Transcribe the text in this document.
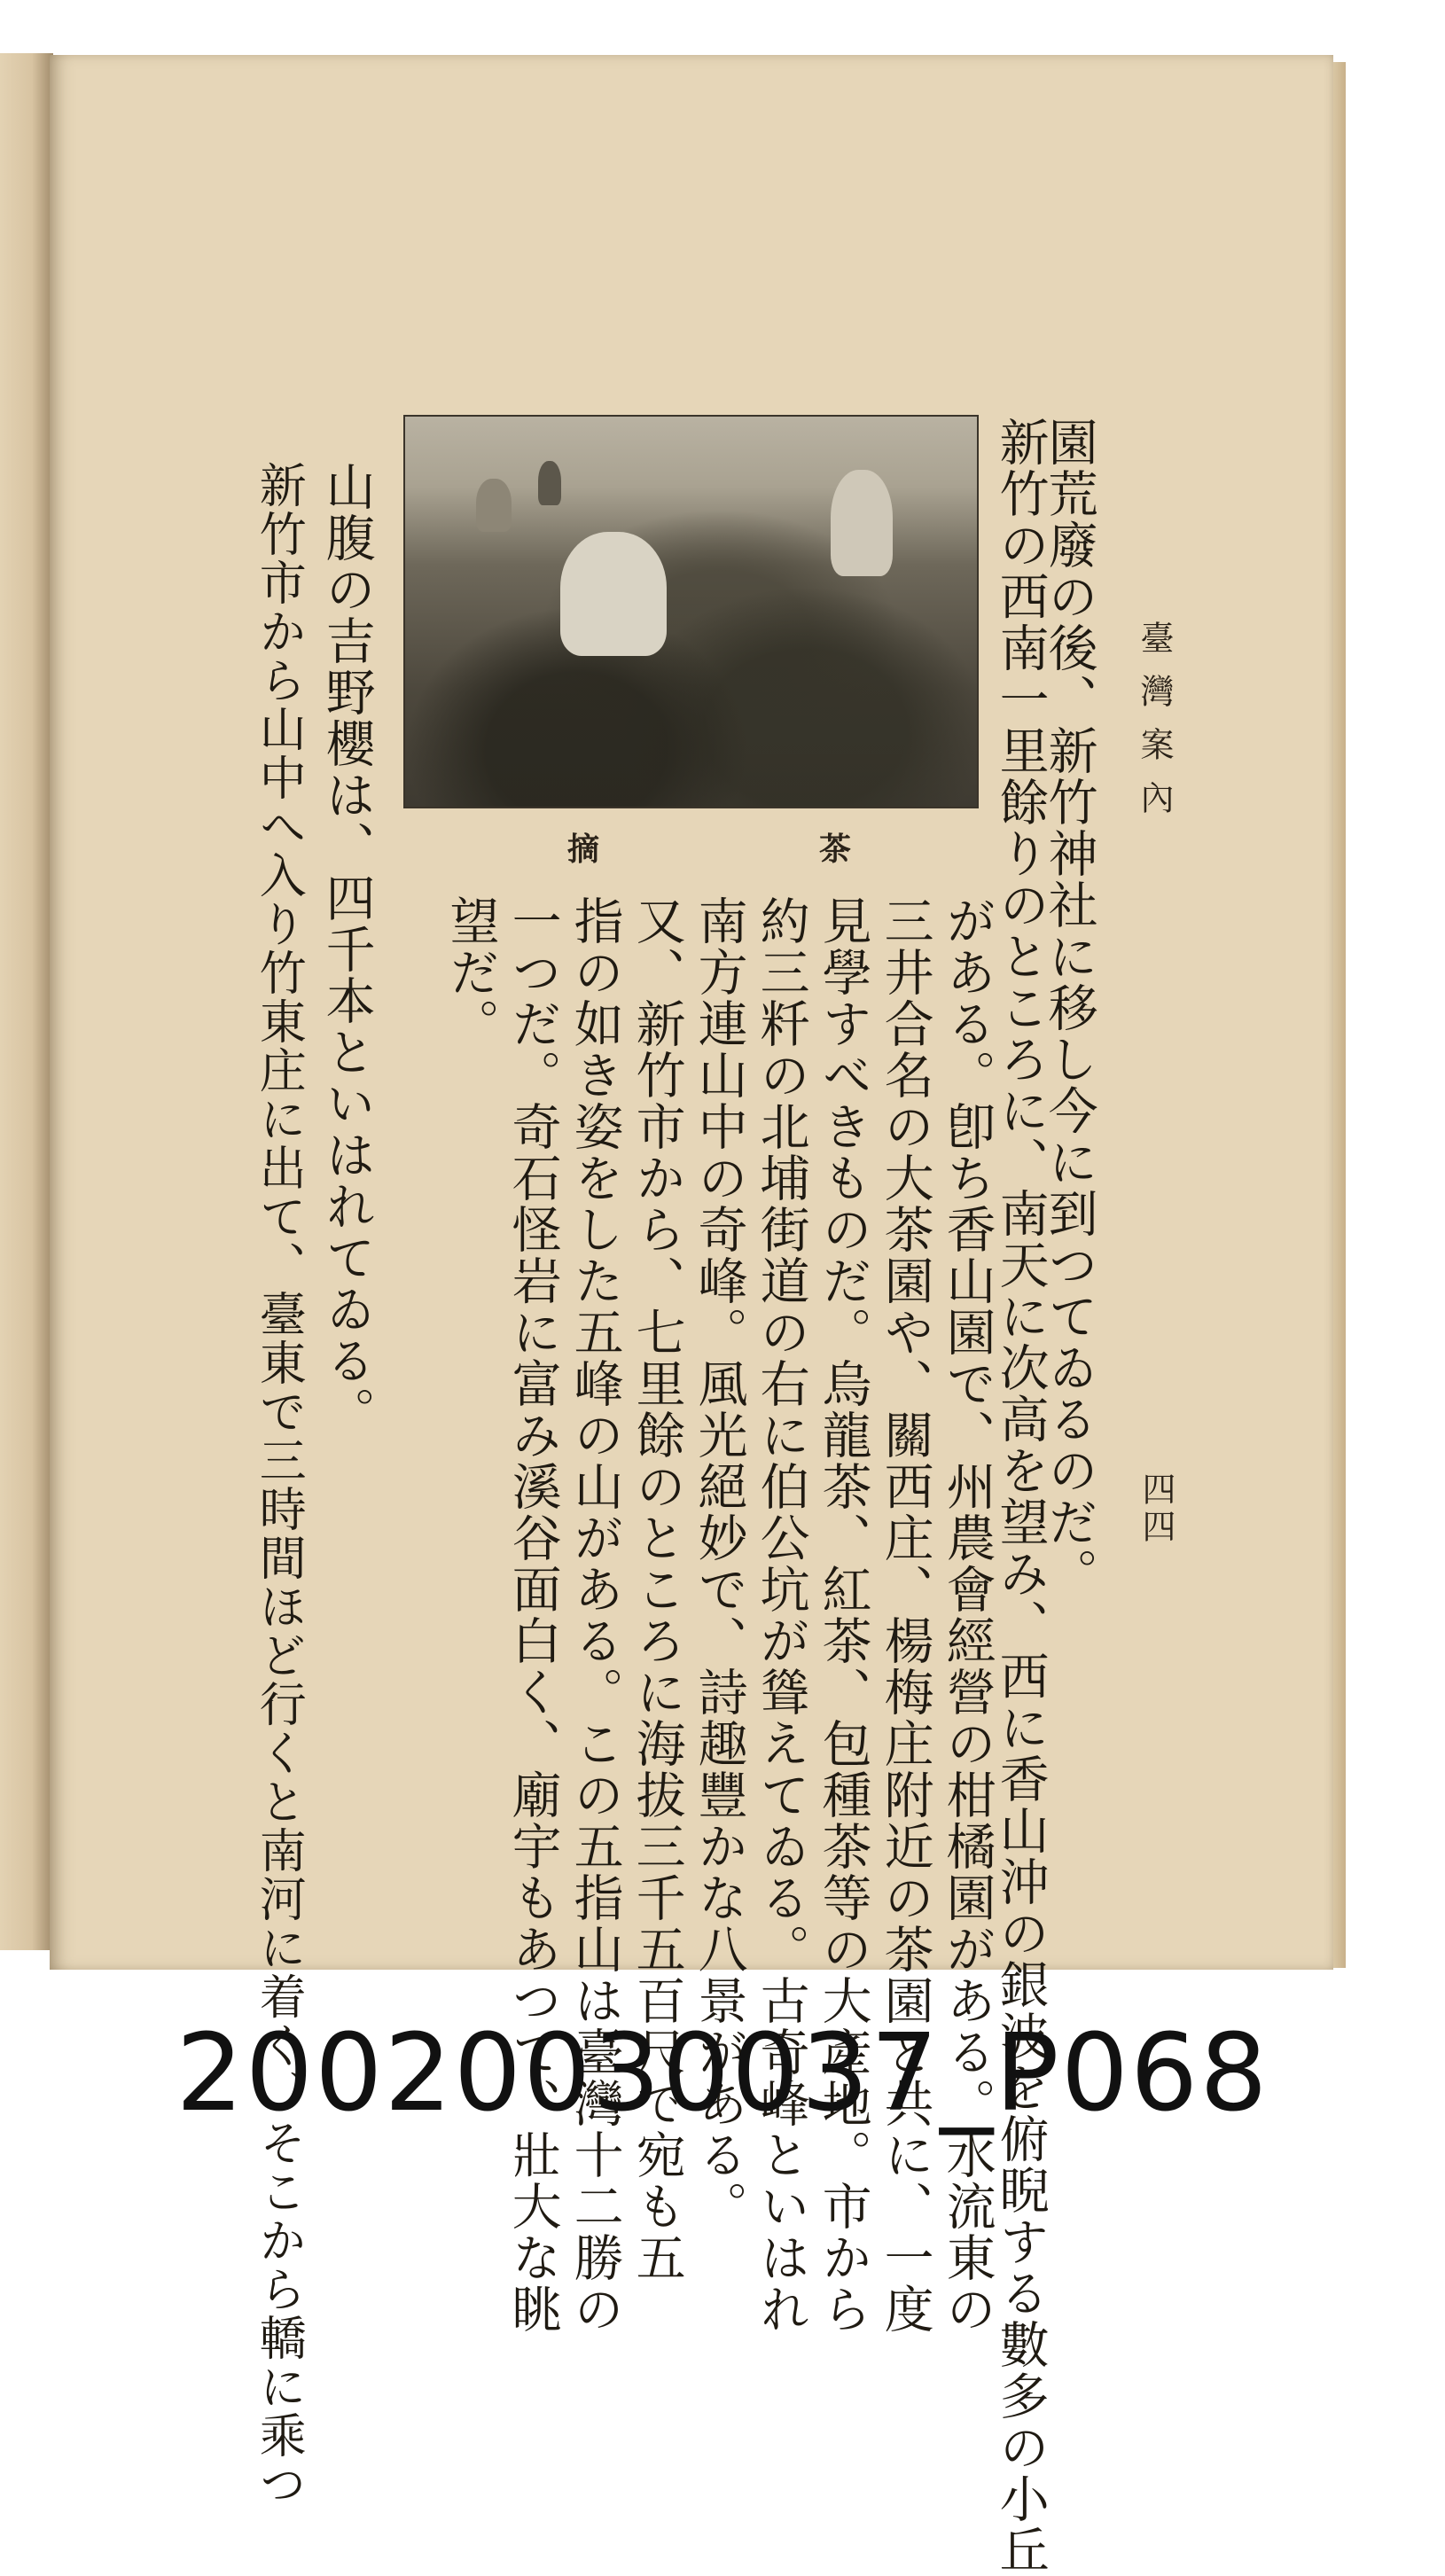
臺灣案內
四四
園荒廢の後、新竹神社に移し今に到つてゐるのだ。
新竹の西南一里餘りのところに、南天に次高を望み、西に香山沖の銀波を俯睨する數多の小丘
がある。卽ち香山園で、州農會經營の柑橘園がある。水流東の
三井合名の大茶園や、關西庄、楊梅庄附近の茶園と共に、一度
見學すべきものだ。烏龍茶、紅茶、包種茶等の大產地。市から
約三粁の北埔街道の右に伯公坑が聳えてゐる。古奇峰といはれ
南方連山中の奇峰。風光絕妙で、詩趣豐かな八景がある。
又、新竹市から、七里餘のところに海拔三千五百尺で宛も五
指の如き姿をした五峰の山がある。この五指山は臺灣十二勝の
一つだ。奇石怪岩に富み溪谷面白く、廟宇もあつて、壯大な眺
望だ。
山腹の吉野櫻は、四千本といはれてゐる。
新竹市から山中へ入り竹東庄に出て、臺東で三時間ほど行くと南河に着く、そこから轎に乘つ	茶
摘
20020030037_P068
